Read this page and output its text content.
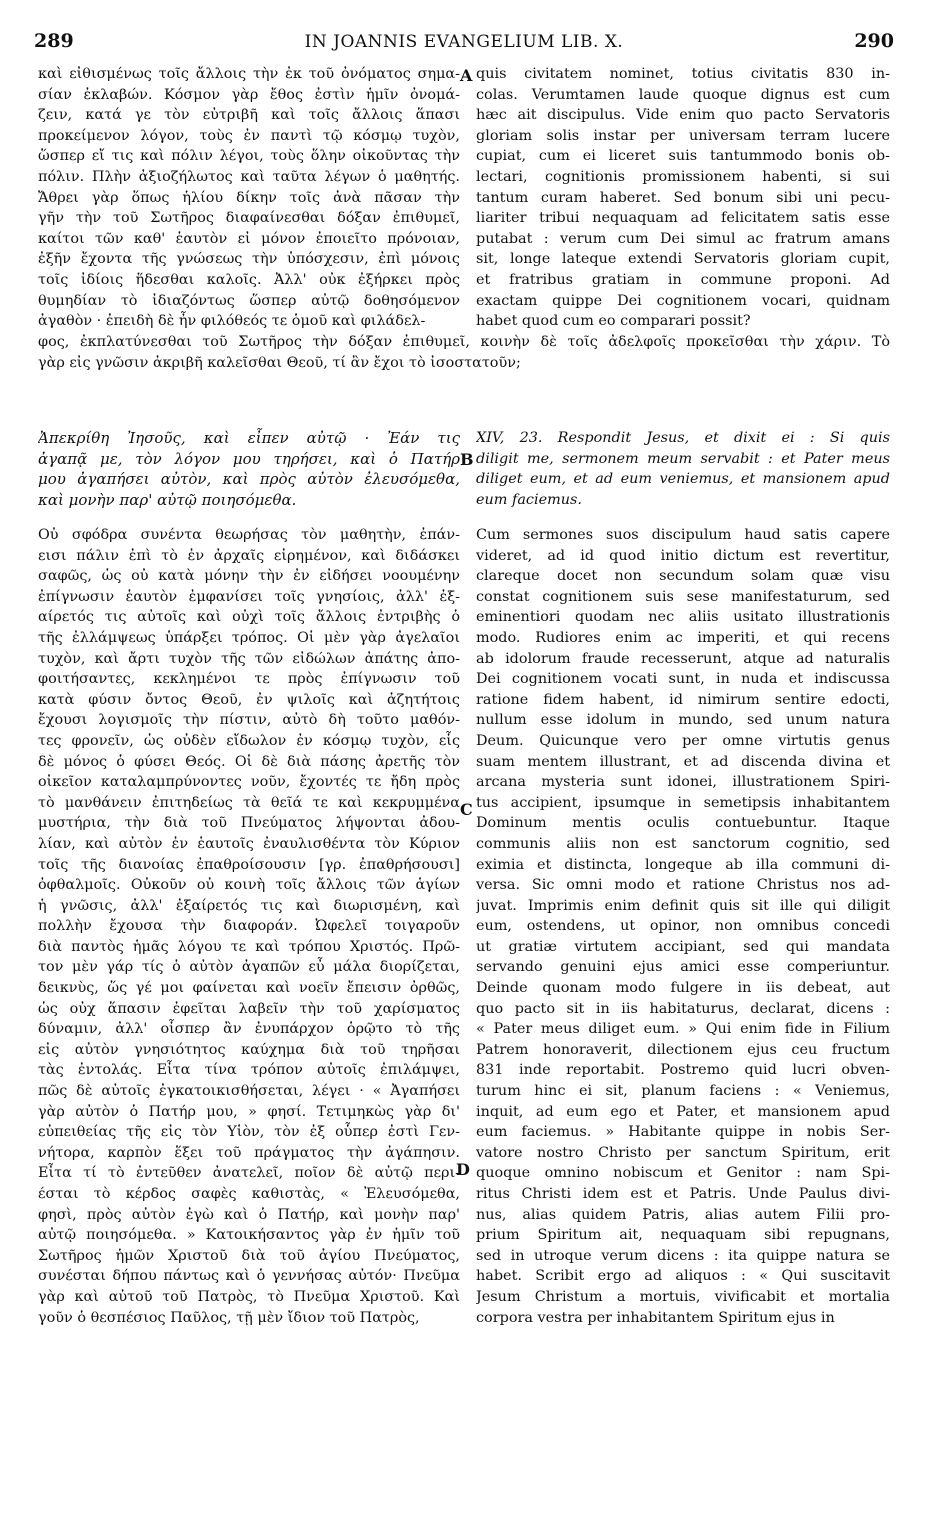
289	IN JOANNIS EVANGELIUM LIB. X.	290
καὶ εἰθισμένως τοῖς ἄλλοις τὴν ἐκ τοῦ ὀνόματος σημα-
σίαν ἐκλαβών. Κόσμον γὰρ ἔθος ἐστὶν ἡμῖν ὀνομά-
ζειν, κατά γε τὸν εὐτριβῆ καὶ τοῖς ἄλλοις ἅπασι
προκείμενον λόγον, τοὺς ἐν παντὶ τῷ κόσμῳ τυχὸν,
ὥσπερ εἴ τις καὶ πόλιν λέγοι, τοὺς ὅλην οἰκοῦντας τὴν
πόλιν. Πλὴν ἀξιοζήλωτος καὶ ταῦτα λέγων ὁ μαθητής.
Ἄθρει γὰρ ὅπως ἡλίου δίκην τοῖς ἀνὰ πᾶσαν τὴν
γῆν τὴν τοῦ Σωτῆρος διαφαίνεσθαι δόξαν ἐπιθυμεῖ,
καίτοι τῶν καθ' ἑαυτὸν εἰ μόνον ἐποιεῖτο πρόνοιαν,
ἐξῆν ἔχοντα τῆς γνώσεως τὴν ὑπόσχεσιν, ἐπὶ μόνοις
τοῖς ἰδίοις ἥδεσθαι καλοῖς. Ἀλλ' οὐκ ἐξήρκει πρὸς
θυμηδίαν τὸ ἰδιαζόντως ὥσπερ αὐτῷ δοθησόμενον
ἀγαθὸν · ἐπειδὴ δὲ ἦν φιλόθεός τε ὁμοῦ καὶ φιλάδελ-
quis civitatem nominet, totius civitatis 830 in-
colas. Verumtamen laude quoque dignus est cum
hæc ait discipulus. Vide enim quo pacto Servatoris
gloriam solis instar per universam terram lucere
cupiat, cum ei liceret suis tantummodo bonis ob-
lectari, cognitionis promissionem habenti, si sui
tantum curam haberet. Sed bonum sibi uni pecu-
liariter tribui nequaquam ad felicitatem satis esse
putabat : verum cum Dei simul ac fratrum amans
sit, longe lateque extendi Servatoris gloriam cupit,
et fratribus gratiam in commune proponi. Ad
exactam quippe Dei cognitionem vocari, quidnam
habet quod cum eo comparari possit?
φος, ἐκπλατύνεσθαι τοῦ Σωτῆρος τὴν δόξαν ἐπιθυμεῖ, κοινὴν δὲ τοῖς ἀδελφοῖς προκεῖσθαι τὴν χάριν. Τὸ
γὰρ εἰς γνῶσιν ἀκριβῆ καλεῖσθαι Θεοῦ, τί ἂν ἔχοι τὸ ἰσοστατοῦν;
Ἀπεκρίθη Ἰησοῦς, καὶ εἶπεν αὐτῷ · Ἐάν τις
ἀγαπᾷ με, τὸν λόγον μου τηρήσει, καὶ ὁ Πατήρ
μου ἀγαπήσει αὐτὸν, καὶ πρὸς αὐτὸν ἐλευσόμεθα,
καὶ μονὴν παρ' αὐτῷ ποιησόμεθα.
XIV, 23. Respondit Jesus, et dixit ei : Si quis
diligit me, sermonem meum servabit : et Pater meus
diliget eum, et ad eum veniemus, et mansionem apud
eum faciemus.
Οὐ σφόδρα συνέντα θεωρήσας τὸν μαθητὴν, ἐπάν-
εισι πάλιν ἐπὶ τὸ ἐν ἀρχαῖς εἰρημένον, καὶ διδάσκει
σαφῶς, ὡς οὐ κατὰ μόνην τὴν ἐν εἰδήσει νοουμένην
ἐπίγνωσιν ἑαυτὸν ἐμφανίσει τοῖς γνησίοις, ἀλλ' ἐξ-
αίρετός τις αὐτοῖς καὶ οὐχὶ τοῖς ἄλλοις ἐντριβὴς ὁ
τῆς ἐλλάμψεως ὑπάρξει τρόπος. Οἱ μὲν γὰρ ἀγελαῖοι
τυχὸν, καὶ ἄρτι τυχὸν τῆς τῶν εἰδώλων ἀπάτης ἀπο-
φοιτήσαντες, κεκλημένοι τε πρὸς ἐπίγνωσιν τοῦ
κατὰ φύσιν ὄντος Θεοῦ, ἐν ψιλοῖς καὶ ἀζητήτοις
ἔχουσι λογισμοῖς τὴν πίστιν, αὐτὸ δὴ τοῦτο μαθόν-
τες φρονεῖν, ὡς οὐδὲν εἴδωλον ἐν κόσμῳ τυχὸν, εἷς
δὲ μόνος ὁ φύσει Θεός. Οἱ δὲ διὰ πάσης ἀρετῆς τὸν
οἰκεῖον καταλαμπρύνοντες νοῦν, ἔχοντές τε ἤδη πρὸς
τὸ μανθάνειν ἐπιτηδείως τὰ θεῖά τε καὶ κεκρυμμένα
μυστήρια, τὴν διὰ τοῦ Πνεύματος λήψονται ἀδου-
λίαν, καὶ αὐτὸν ἐν ἑαυτοῖς ἐναυλισθέντα τὸν Κύριον
τοῖς τῆς διανοίας ἐπαθροίσουσιν [γρ. ἐπαθρήσουσι]
ὀφθαλμοῖς. Οὐκοῦν οὐ κοινὴ τοῖς ἄλλοις τῶν ἁγίων
ἡ γνῶσις, ἀλλ' ἐξαίρετός τις καὶ διωρισμένη, καὶ
πολλὴν ἔχουσα τὴν διαφοράν. Ὠφελεῖ τοιγαροῦν
διὰ παντὸς ἡμᾶς λόγου τε καὶ τρόπου Χριστός. Πρῶ-
τον μὲν γάρ τίς ὁ αὐτὸν ἀγαπῶν εὖ μάλα διορίζεται,
δεικνὺς, ὥς γέ μοι φαίνεται καὶ νοεῖν ἔπεισιν ὀρθῶς,
ὡς οὐχ ἅπασιν ἐφεῖται λαβεῖν τὴν τοῦ χαρίσματος
δύναμιν, ἀλλ' οἷσπερ ἂν ἐνυπάρχον ὁρῷτο τὸ τῆς
εἰς αὐτὸν γνησιότητος καύχημα διὰ τοῦ τηρῆσαι
τὰς ἐντολάς. Εἶτα τίνα τρόπον αὐτοῖς ἐπιλάμψει,
πῶς δὲ αὐτοῖς ἐγκατοικισθήσεται, λέγει · « Ἀγαπήσει
γὰρ αὐτὸν ὁ Πατήρ μου, » φησί. Τετιμηκὼς γὰρ δι'
εὐπειθείας τῆς εἰς τὸν Υἱὸν, τὸν ἐξ οὗπερ ἐστὶ Γεν-
νήτορα, καρπὸν ἕξει τοῦ πράγματος τὴν ἀγάπησιν.
Εἶτα τί τὸ ἐντεῦθεν ἀνατελεῖ, ποῖον δὲ αὐτῷ περι-
έσται τὸ κέρδος σαφὲς καθιστὰς, « Ἐλευσόμεθα,
φησὶ, πρὸς αὐτὸν ἐγὼ καὶ ὁ Πατήρ, καὶ μονὴν παρ'
αὐτῷ ποιησόμεθα. » Κατοικήσαντος γὰρ ἐν ἡμῖν τοῦ
Σωτῆρος ἡμῶν Χριστοῦ διὰ τοῦ ἁγίου Πνεύματος,
συνέσται δήπου πάντως καὶ ὁ γεννήσας αὐτόν· Πνεῦμα
γὰρ καὶ αὐτοῦ τοῦ Πατρὸς, τὸ Πνεῦμα Χριστοῦ. Καὶ
γοῦν ὁ θεσπέσιος Παῦλος, τῇ μὲν ἴδιον τοῦ Πατρὸς,
Cum sermones suos discipulum haud satis capere
videret, ad id quod initio dictum est revertitur,
clareque docet non secundum solam quæ visu
constat cognitionem suis sese manifestaturum, sed
eminentiori quodam nec aliis usitato illustrationis
modo. Rudiores enim ac imperiti, et qui recens
ab idolorum fraude recesserunt, atque ad naturalis
Dei cognitionem vocati sunt, in nuda et indiscussa
ratione fidem habent, id nimirum sentire edocti,
nullum esse idolum in mundo, sed unum natura
Deum. Quicunque vero per omne virtutis genus
suam mentem illustrant, et ad discenda divina et
arcana mysteria sunt idonei, illustrationem Spiri-
tus accipient, ipsumque in semetipsis inhabitantem
Dominum mentis oculis contuebuntur. Itaque
communis aliis non est sanctorum cognitio, sed
eximia et distincta, longeque ab illa communi di-
versa. Sic omni modo et ratione Christus nos ad-
juvat. Imprimis enim definit quis sit ille qui diligit
eum, ostendens, ut opinor, non omnibus concedi
ut gratiæ virtutem accipiant, sed qui mandata
servando genuini ejus amici esse comperiuntur.
Deinde quonam modo fulgere in iis debeat, aut
quo pacto sit in iis habitaturus, declarat, dicens :
« Pater meus diliget eum. » Qui enim fide in Filium
Patrem honoraverit, dilectionem ejus ceu fructum
831 inde reportabit. Postremo quid lucri obven-
turum hinc ei sit, planum faciens : « Veniemus,
inquit, ad eum ego et Pater, et mansionem apud
eum faciemus. » Habitante quippe in nobis Ser-
vatore nostro Christo per sanctum Spiritum, erit
quoque omnino nobiscum et Genitor : nam Spi-
ritus Christi idem est et Patris. Unde Paulus divi-
nus, alias quidem Patris, alias autem Filii pro-
prium Spiritum ait, nequaquam sibi repugnans,
sed in utroque verum dicens : ita quippe natura se
habet. Scribit ergo ad aliquos : « Qui suscitavit
Jesum Christum a mortuis, vivificabit et mortalia
corpora vestra per inhabitantem Spiritum ejus in
A
B
C
D
